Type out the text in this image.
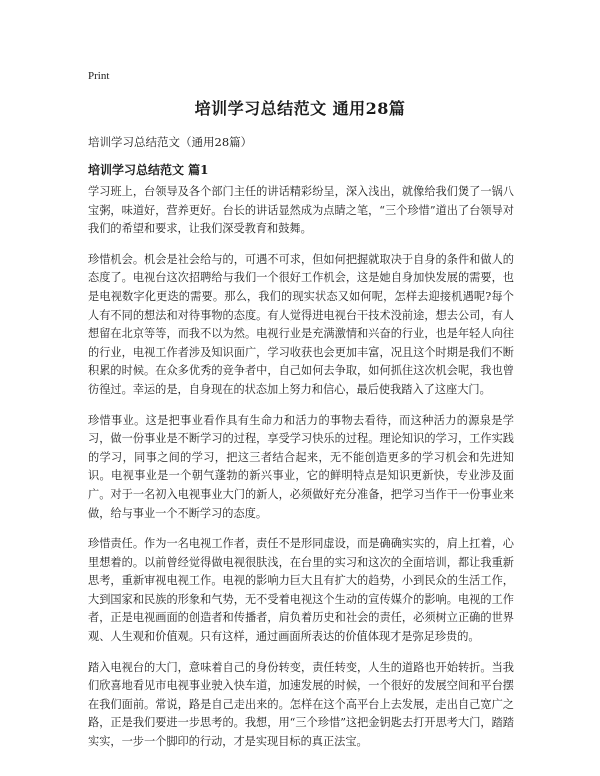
Print
培训学习总结范文 通用28篇

培训学习总结范文（通用28篇）

培训学习总结范文 篇1

学习班上，台领导及各个部门主任的讲话精彩纷呈，深入浅出，就像给我们煲了一锅八宝粥，味道好，营养更好。台长的讲话显然成为点睛之笔，“三个珍惜”道出了台领导对我们的希望和要求，让我们深受教育和鼓舞。

珍惜机会。机会是社会给与的，可遇不可求，但如何把握就取决于自身的条件和做人的态度了。电视台这次招聘给与我们一个很好工作机会，这是她自身加快发展的需要，也是电视数字化更迭的需要。那么，我们的现实状态又如何呢，怎样去迎接机遇呢?每个人有不同的想法和对待事物的态度。有人觉得进电视台干技术没前途，想去公司，有人想留在北京等等，而我不以为然。电视行业是充满激情和兴奋的行业，也是年轻人向往的行业，电视工作者涉及知识面广，学习收获也会更加丰富，况且这个时期是我们不断积累的时候。在众多优秀的竞争者中，自己如何去争取，如何抓住这次机会呢，我也曾彷徨过。幸运的是，自身现在的状态加上努力和信心，最后使我踏入了这座大门。

珍惜事业。这是把事业看作具有生命力和活力的事物去看待，而这种活力的源泉是学习，做一份事业是不断学习的过程，享受学习快乐的过程。理论知识的学习，工作实践的学习，同事之间的学习，把这三者结合起来，无不能创造更多的学习机会和先进知识。电视事业是一个朝气蓬勃的新兴事业，它的鲜明特点是知识更新快，专业涉及面广。对于一名初入电视事业大门的新人，必须做好充分准备，把学习当作干一份事业来做，给与事业一个不断学习的态度。

珍惜责任。作为一名电视工作者，责任不是形同虚设，而是确确实实的，肩上扛着，心里想着的。以前曾经觉得做电视很肤浅，在台里的实习和这次的全面培训，都让我重新思考，重新审视电视工作。电视的影响力巨大且有扩大的趋势，小到民众的生活工作，大到国家和民族的形象和气势，无不受着电视这个生动的宣传媒介的影响。电视的工作者，正是电视画面的创造者和传播者，肩负着历史和社会的责任，必须树立正确的世界观、人生观和价值观。只有这样，通过画面所表达的价值体现才是弥足珍贵的。

踏入电视台的大门，意味着自己的身份转变，责任转变，人生的道路也开始转折。当我们欣喜地看见市电视事业驶入快车道，加速发展的时候，一个很好的发展空间和平台摆在我们面前。常说，路是自己走出来的。怎样在这个高平台上去发展，走出自己宽广之路，正是我们要进一步思考的。我想，用“三个珍惜”这把金钥匙去打开思考大门，踏踏实实，一步一个脚印的行动，才是实现目标的真正法宝。
